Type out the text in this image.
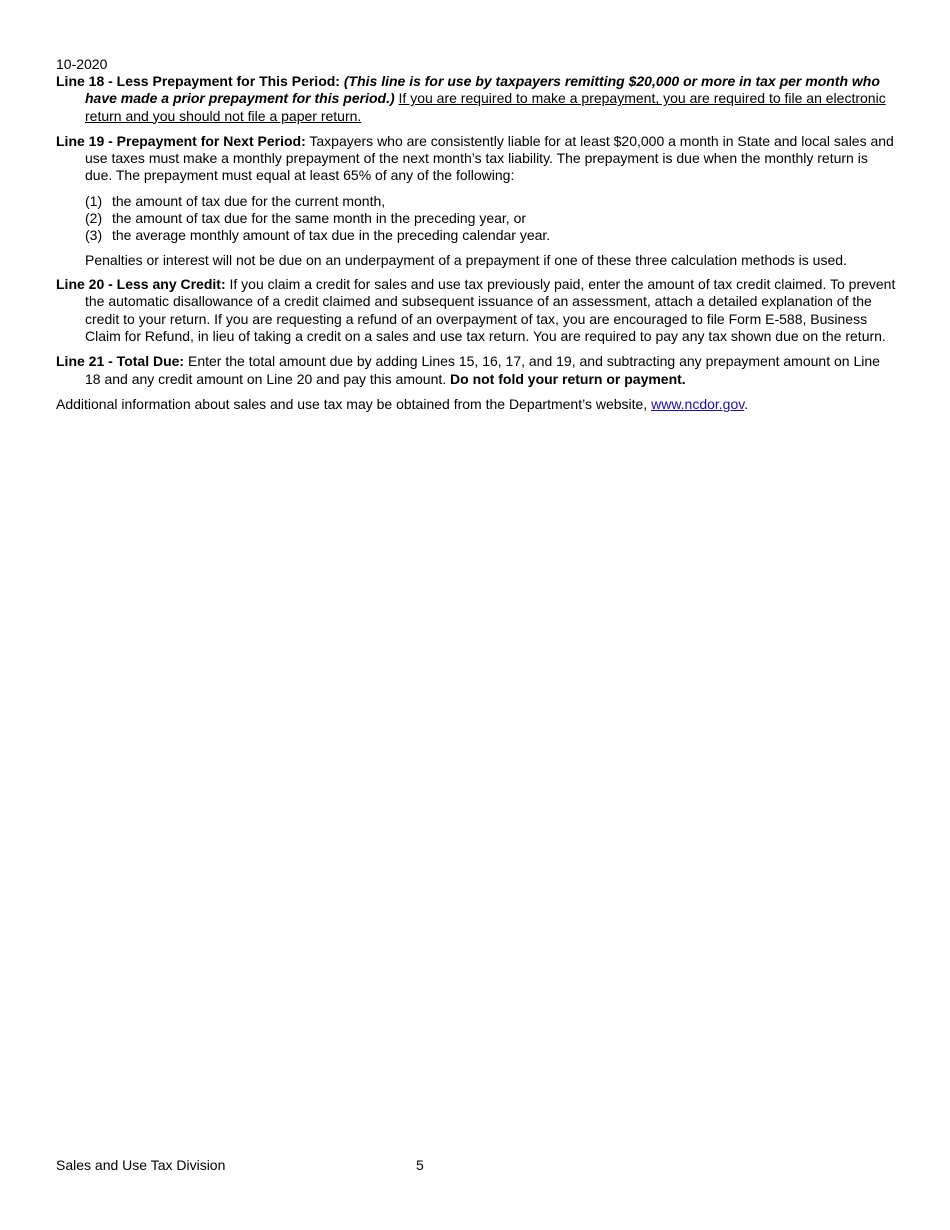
10-2020

Line 18 - Less Prepayment for This Period: (This line is for use by taxpayers remitting $20,000 or more in tax per month who have made a prior prepayment for this period.) If you are required to make a prepayment, you are required to file an electronic return and you should not file a paper return.

Line 19 - Prepayment for Next Period: Taxpayers who are consistently liable for at least $20,000 a month in State and local sales and use taxes must make a monthly prepayment of the next month’s tax liability. The prepayment is due when the monthly return is due. The prepayment must equal at least 65% of any of the following:

(1) the amount of tax due for the current month,
(2) the amount of tax due for the same month in the preceding year, or
(3) the average monthly amount of tax due in the preceding calendar year.

Penalties or interest will not be due on an underpayment of a prepayment if one of these three calculation methods is used.

Line 20 - Less any Credit: If you claim a credit for sales and use tax previously paid, enter the amount of tax credit claimed. To prevent the automatic disallowance of a credit claimed and subsequent issuance of an assessment, attach a detailed explanation of the credit to your return. If you are requesting a refund of an overpayment of tax, you are encouraged to file Form E-588, Business Claim for Refund, in lieu of taking a credit on a sales and use tax return. You are required to pay any tax shown due on the return.

Line 21 - Total Due: Enter the total amount due by adding Lines 15, 16, 17, and 19, and subtracting any prepayment amount on Line 18 and any credit amount on Line 20 and pay this amount. Do not fold your return or payment.

Additional information about sales and use tax may be obtained from the Department’s website, www.ncdor.gov.

Sales and Use Tax Division	5
